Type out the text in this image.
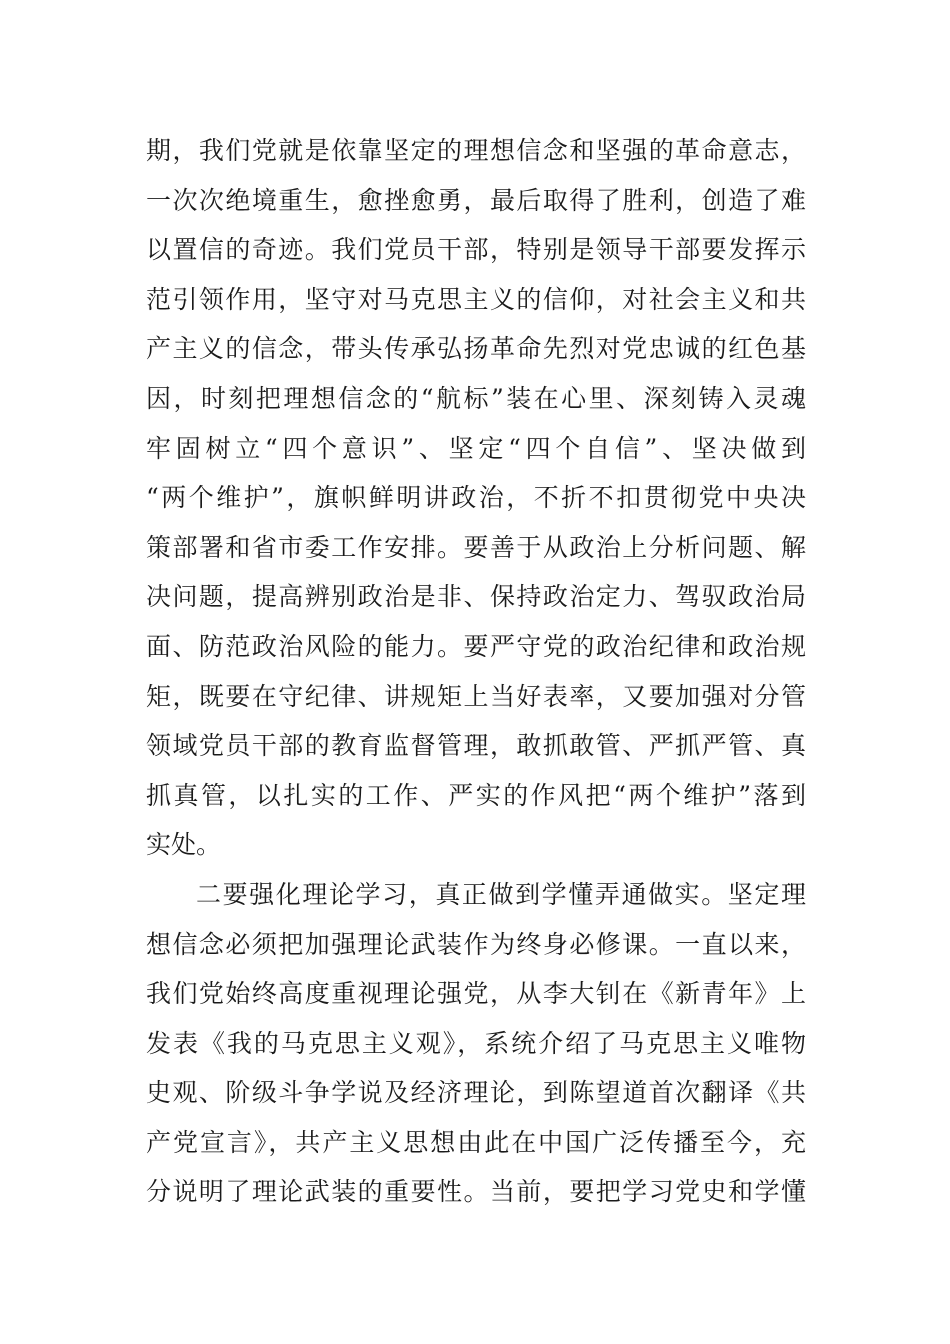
期，我们党就是依靠坚定的理想信念和坚强的革命意志，
一次次绝境重生，愈挫愈勇，最后取得了胜利，创造了难
以置信的奇迹。我们党员干部，特别是领导干部要发挥示
范引领作用，坚守对马克思主义的信仰，对社会主义和共
产主义的信念，带头传承弘扬革命先烈对党忠诚的红色基
因，时刻把理想信念的“航标”装在心里、深刻铸入灵魂
牢固树立“四个意识”、坚定“四个自信”、坚决做到
“两个维护”，旗帜鲜明讲政治，不折不扣贯彻党中央决
策部署和省市委工作安排。要善于从政治上分析问题、解
决问题，提高辨别政治是非、保持政治定力、驾驭政治局
面、防范政治风险的能力。要严守党的政治纪律和政治规
矩，既要在守纪律、讲规矩上当好表率，又要加强对分管
领域党员干部的教育监督管理，敢抓敢管、严抓严管、真
抓真管，以扎实的工作、严实的作风把“两个维护”落到
实处。
二要强化理论学习，真正做到学懂弄通做实。坚定理
想信念必须把加强理论武装作为终身必修课。一直以来，
我们党始终高度重视理论强党，从李大钊在《新青年》上
发表《我的马克思主义观》，系统介绍了马克思主义唯物
史观、阶级斗争学说及经济理论，到陈望道首次翻译《共
产党宣言》，共产主义思想由此在中国广泛传播至今，充
分说明了理论武装的重要性。当前，要把学习党史和学懂
